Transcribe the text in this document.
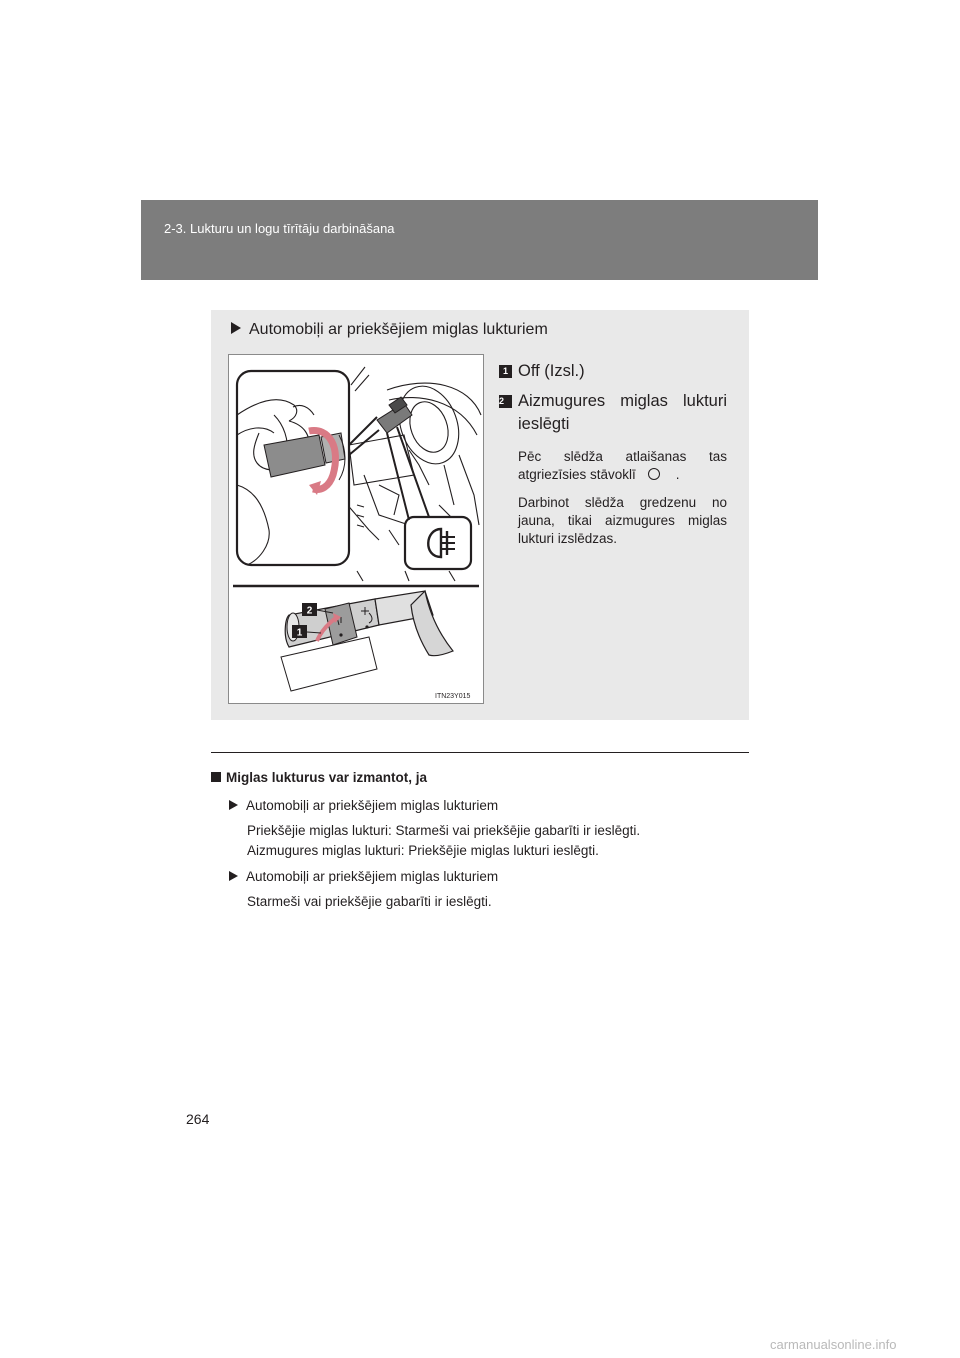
2-3. Lukturu un logu tīrītāju darbināšana
Automobiļi ar priekšējiem miglas lukturiem
2
1
ITN23Y015
1 Off (Izsl.)
2 Aizmugures miglas lukturi ieslēgti
Pēc slēdža atlaišanas tas atgriezīsies stāvoklī	.
Darbinot slēdža gredzenu no jauna, tikai aizmugures miglas lukturi izslēdzas.
Miglas lukturus var izmantot, ja
Automobiļi ar priekšējiem miglas lukturiem
Priekšējie miglas lukturi: Starmeši vai priekšējie gabarīti ir ieslēgti.
Aizmugures miglas lukturi: Priekšējie miglas lukturi ieslēgti.
Automobiļi ar priekšējiem miglas lukturiem
Starmeši vai priekšējie gabarīti ir ieslēgti.
264
carmanualsonline.info
